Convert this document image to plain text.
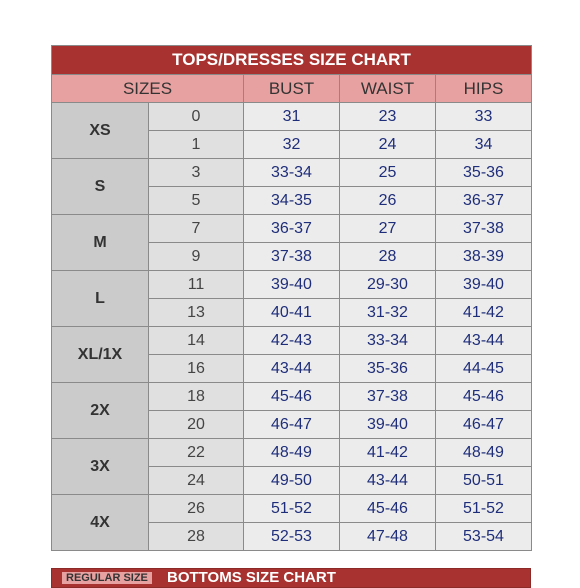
TOPS/DRESSES SIZE CHART				
SIZES		BUST	WAIST	HIPS
XS	0	31	23	33
	1	32	24	34
S	3	33-34	25	35-36
	5	34-35	26	36-37
M	7	36-37	27	37-38
	9	37-38	28	38-39
L	11	39-40	29-30	39-40
	13	40-41	31-32	41-42
XL/1X	14	42-43	33-34	43-44
	16	43-44	35-36	44-45
2X	18	45-46	37-38	45-46
	20	46-47	39-40	46-47
3X	22	48-49	41-42	48-49
	24	49-50	43-44	50-51
4X	26	51-52	45-46	51-52
	28	52-53	47-48	53-54
REGULAR SIZE BOTTOMS SIZE CHART
